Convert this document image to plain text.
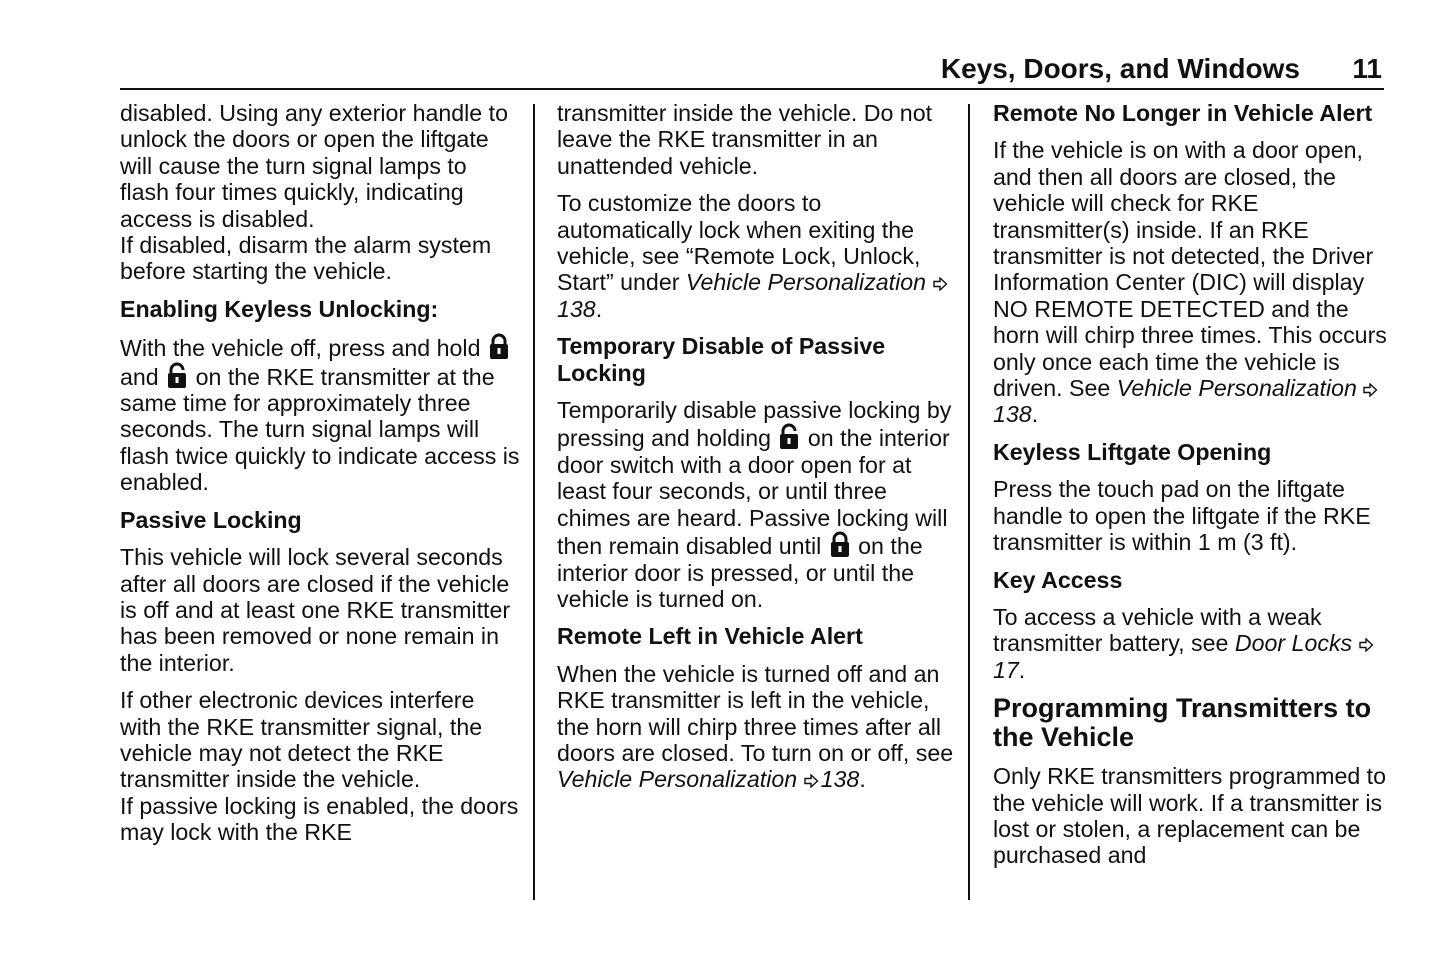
Keys, Doors, and Windows 11

disabled. Using any exterior handle to unlock the doors or open the liftgate will cause the turn signal lamps to flash four times quickly, indicating access is disabled.

If disabled, disarm the alarm system before starting the vehicle.

Enabling Keyless Unlocking:

With the vehicle off, press and hold  and on the RKE transmitter at the same time for approximately three seconds. The turn signal lamps will flash twice quickly to indicate access is enabled.

Passive Locking

This vehicle will lock several seconds after all doors are closed if the vehicle is off and at least one RKE transmitter has been removed or none remain in the interior.

If other electronic devices interfere with the RKE transmitter signal, the vehicle may not detect the RKE transmitter inside the vehicle.

If passive locking is enabled, the doors may lock with the RKE

transmitter inside the vehicle. Do not leave the RKE transmitter in an unattended vehicle.

To customize the doors to automatically lock when exiting the vehicle, see “Remote Lock, Unlock, Start” under Vehicle Personalization 138.

Temporary Disable of Passive Locking

Temporarily disable passive locking by pressing and holding on the interior door switch with a door open for at least four seconds, or until three chimes are heard. Passive locking will then remain disabled until on the interior door is pressed, or until the vehicle is turned on.

Remote Left in Vehicle Alert

When the vehicle is turned off and an RKE transmitter is left in the vehicle, the horn will chirp three times after all doors are closed. To turn on or off, see Vehicle Personalization 138.

Remote No Longer in Vehicle Alert

If the vehicle is on with a door open, and then all doors are closed, the vehicle will check for RKE transmitter(s) inside. If an RKE transmitter is not detected, the Driver Information Center (DIC) will display NO REMOTE DETECTED and the horn will chirp three times. This occurs only once each time the vehicle is driven. See Vehicle Personalization 138.

Keyless Liftgate Opening

Press the touch pad on the liftgate handle to open the liftgate if the RKE transmitter is within 1 m (3 ft).

Key Access

To access a vehicle with a weak transmitter battery, see Door Locks 17.

Programming Transmitters to the Vehicle

Only RKE transmitters programmed to the vehicle will work. If a transmitter is lost or stolen, a replacement can be purchased and
